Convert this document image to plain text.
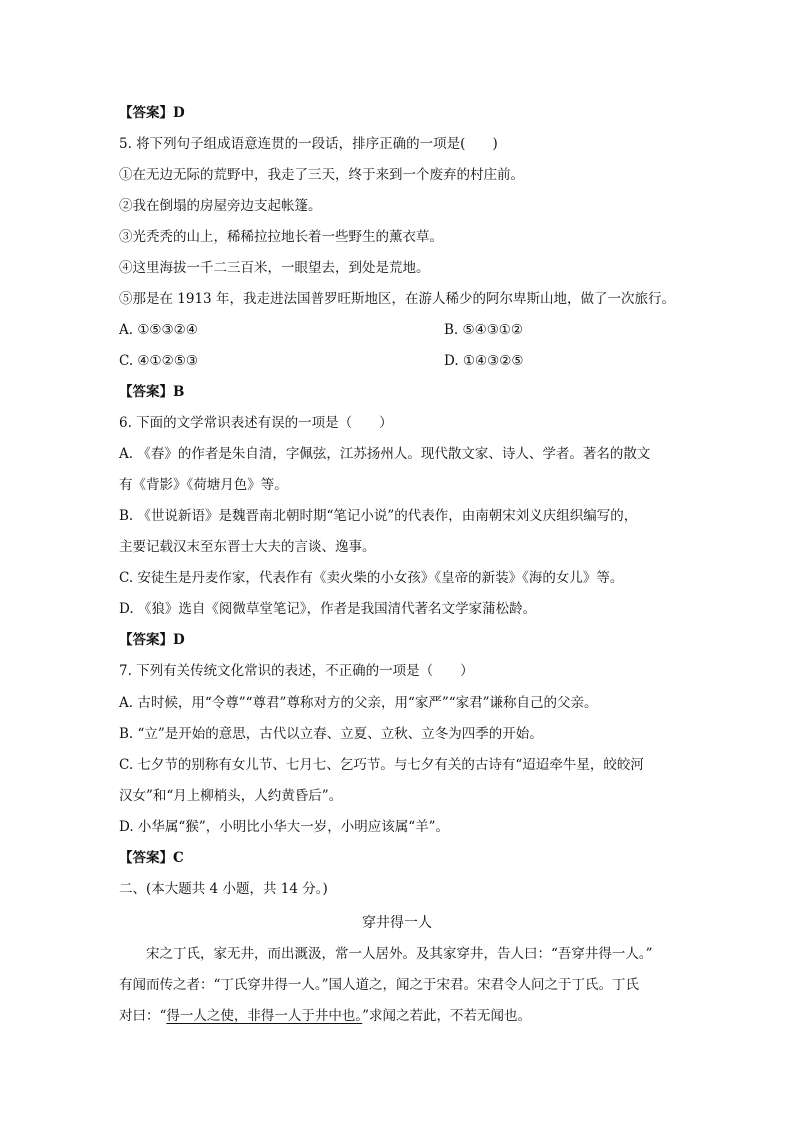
【答案】D
5. 将下列句子组成语意连贯的一段话，排序正确的一项是(　　)
①在无边无际的荒野中，我走了三天，终于来到一个废弃的村庄前。
②我在倒塌的房屋旁边支起帐篷。
③光秃秃的山上，稀稀拉拉地长着一些野生的薰衣草。
④这里海拔一千二三百米，一眼望去，到处是荒地。
⑤那是在 1913 年，我走进法国普罗旺斯地区，在游人稀少的阿尔卑斯山地，做了一次旅行。
A. ①⑤③②④	B. ⑤④③①②
C. ④①②⑤③	D. ①④③②⑤
【答案】B
6. 下面的文学常识表述有误的一项是（　　）
A. 《春》的作者是朱自清，字佩弦，江苏扬州人。现代散文家、诗人、学者。著名的散文
有《背影》《荷塘月色》等。
B. 《世说新语》是魏晋南北朝时期“笔记小说”的代表作，由南朝宋刘义庆组织编写的，
主要记载汉末至东晋士大夫的言谈、逸事。
C. 安徒生是丹麦作家，代表作有《卖火柴的小女孩》《皇帝的新装》《海的女儿》等。
D. 《狼》选自《阅微草堂笔记》，作者是我国清代著名文学家蒲松龄。
【答案】D
7. 下列有关传统文化常识的表述，不正确的一项是（　　）
A. 古时候，用“令尊”“尊君”尊称对方的父亲，用“家严”“家君”谦称自己的父亲。
B. “立”是开始的意思，古代以立春、立夏、立秋、立冬为四季的开始。
C. 七夕节的别称有女儿节、七月七、乞巧节。与七夕有关的古诗有“迢迢牵牛星，皎皎河
汉女”和“月上柳梢头，人约黄昏后”。
D. 小华属“猴”，小明比小华大一岁，小明应该属“羊”。
【答案】C
二、(本大题共 4 小题，共 14 分。)
穿井得一人
　　宋之丁氏，家无井，而出溉汲，常一人居外。及其家穿井，告人曰：“吾穿井得一人。”
有闻而传之者：“丁氏穿井得一人。”国人道之，闻之于宋君。宋君令人问之于丁氏。丁氏
对曰：“得一人之使，非得一人于井中也。”求闻之若此，不若无闻也。
